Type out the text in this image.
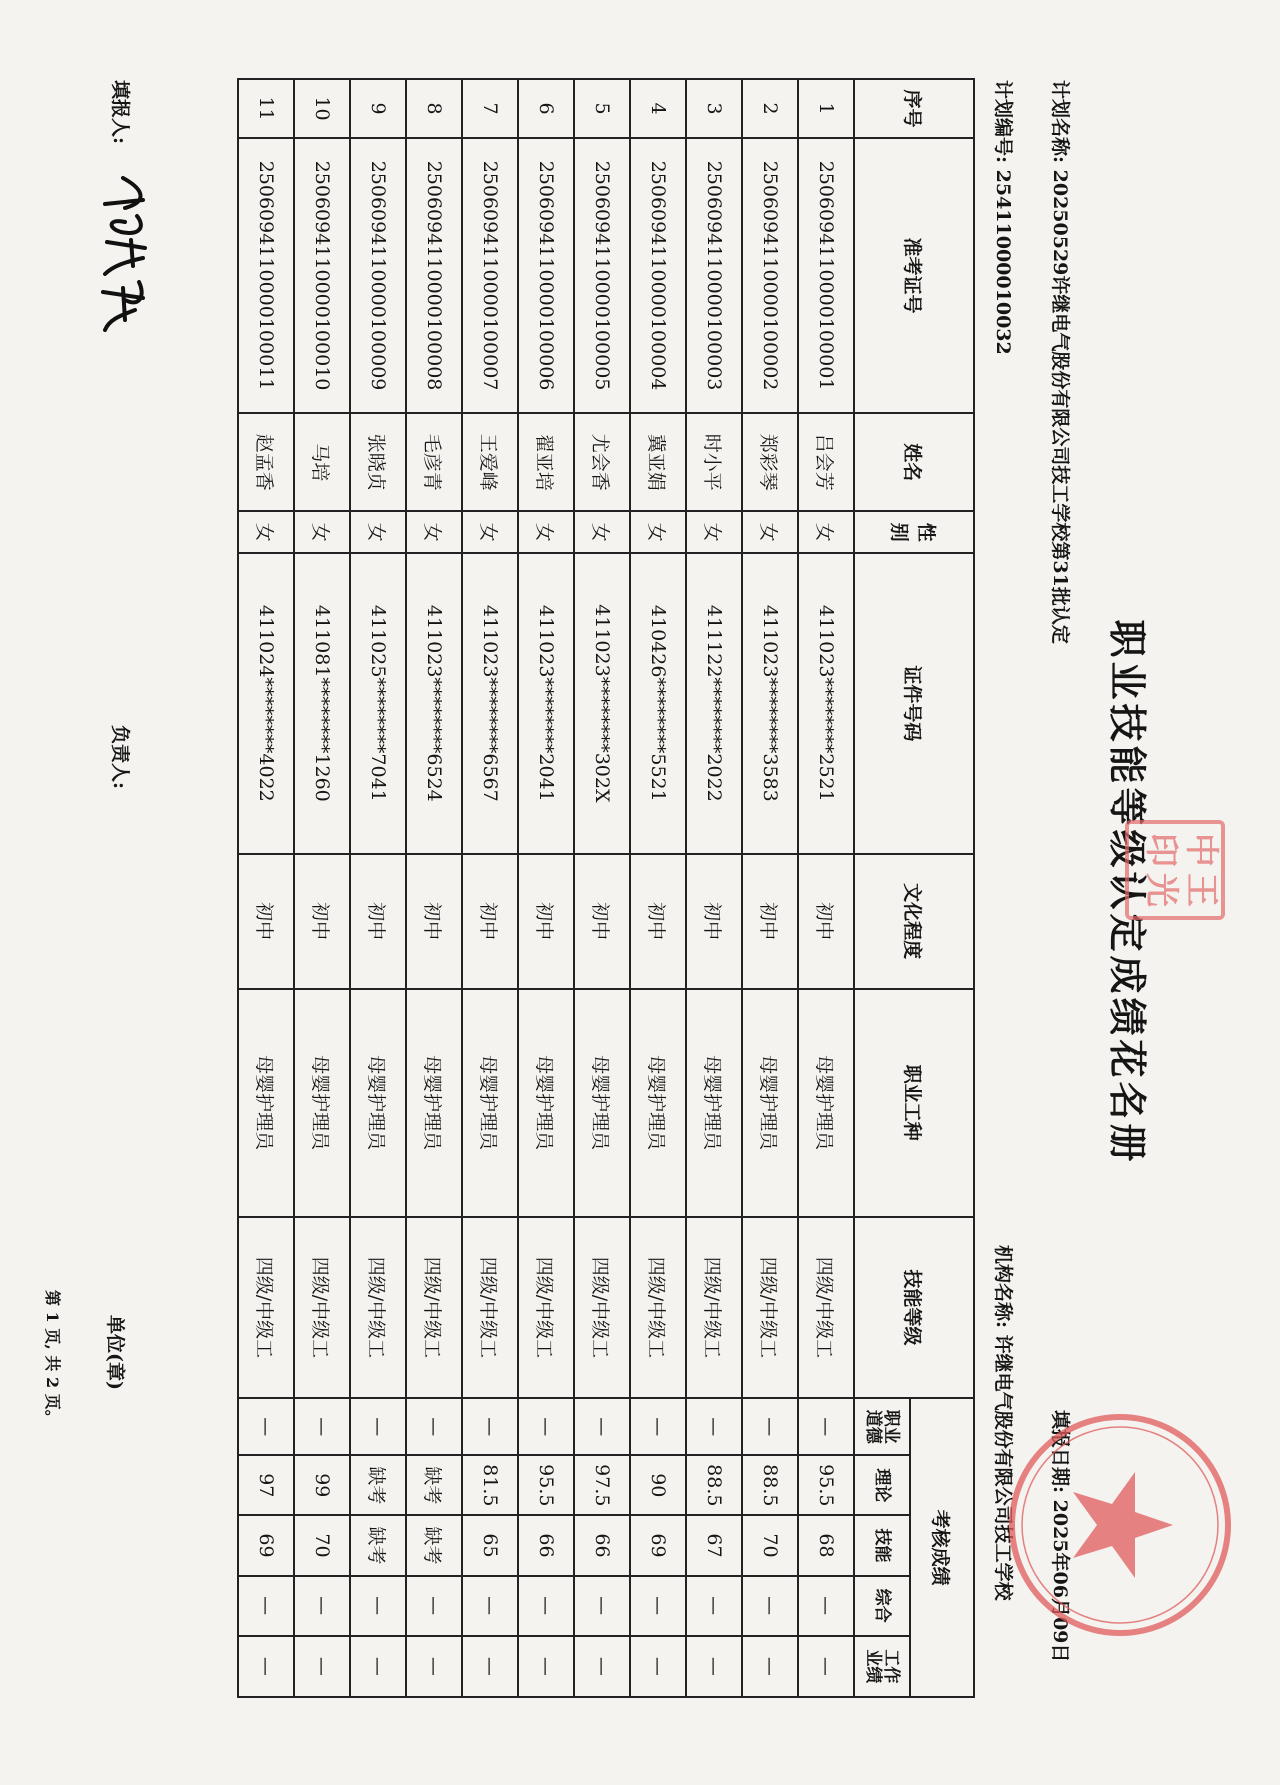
职业技能等级认定成绩花名册
计划名称: 20250529许继电气股份有限公司技工学校第31批认定
计划编号: 25411000010032
填报日期: 2025年06月09日
机构名称: 许继电气股份有限公司技工学校
序号	准考证号	姓名	性
别	证件号码	文化程度	职业工种	技能等级	考核成绩				
								职业
道德	理论	技能	综合	工作
业绩
1	2506094110000100001	吕会芳	女	411023********2521	初中	母婴护理员	四级/中级工	—	95.5	68	—	—
2	2506094110000100002	郑彩琴	女	411023********3583	初中	母婴护理员	四级/中级工	—	88.5	70	—	—
3	2506094110000100003	时小平	女	411122********2022	初中	母婴护理员	四级/中级工	—	88.5	67	—	—
4	2506094110000100004	冀亚娟	女	410426********5521	初中	母婴护理员	四级/中级工	—	90	69	—	—
5	2506094110000100005	尤会香	女	411023********302X	初中	母婴护理员	四级/中级工	—	97.5	66	—	—
6	2506094110000100006	翟亚培	女	411023********2041	初中	母婴护理员	四级/中级工	—	95.5	66	—	—
7	2506094110000100007	王爱峰	女	411023********6567	初中	母婴护理员	四级/中级工	—	81.5	65	—	—
8	2506094110000100008	毛彦青	女	411023********6524	初中	母婴护理员	四级/中级工	—	缺考	缺考	—	—
9	2506094110000100009	张晓贞	女	411025********7041	初中	母婴护理员	四级/中级工	—	缺考	缺考	—	—
10	2506094110000100010	马培	女	411081********1260	初中	母婴护理员	四级/中级工	—	99	70	—	—
11	2506094110000100011	赵孟香	女	411024********4022	初中	母婴护理员	四级/中级工	—	97	69	—	—
填报人:
负责人:
中王印光
单位(章)
第 1 页, 共 2 页。
